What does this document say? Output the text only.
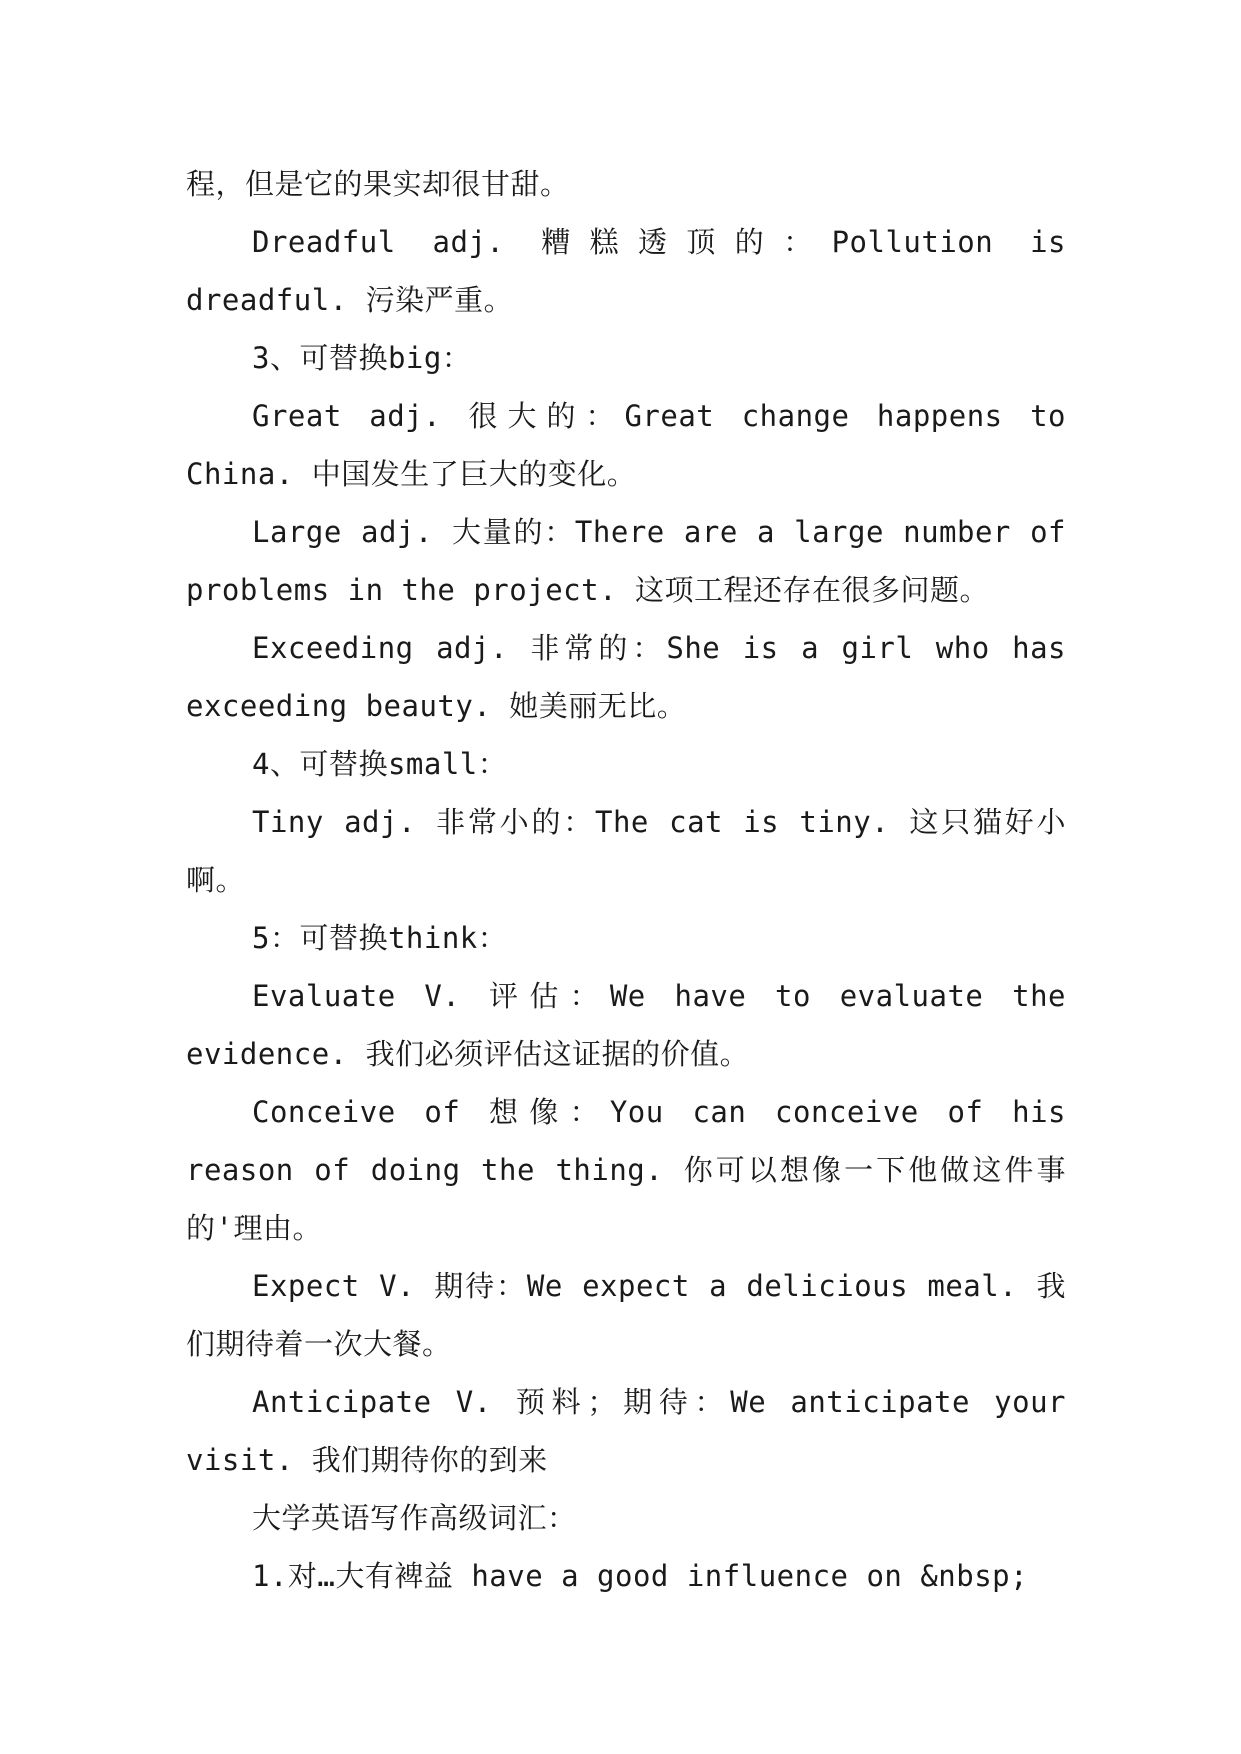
程，但是它的果实却很甘甜。

Dreadful adj. 糟糕透顶的：Pollution is dreadful. 污染严重。

3、可替换big：

Great adj. 很大的：Great change happens to China. 中国发生了巨大的变化。

Large adj. 大量的：There are a large number of problems in the project. 这项工程还存在很多问题。

Exceeding adj. 非常的：She is a girl who has exceeding beauty. 她美丽无比。

4、可替换small：

Tiny adj. 非常小的：The cat is tiny. 这只猫好小啊。

5：可替换think：

Evaluate V. 评估：We have to evaluate the evidence. 我们必须评估这证据的价值。

Conceive of 想像：You can conceive of his reason of doing the thing. 你可以想像一下他做这件事的'理由。

Expect V. 期待：We expect a delicious meal. 我们期待着一次大餐。

Anticipate V. 预料；期待：We anticipate your visit. 我们期待你的到来

大学英语写作高级词汇：

1.对…大有裨益 have a good influence on &nbsp;
